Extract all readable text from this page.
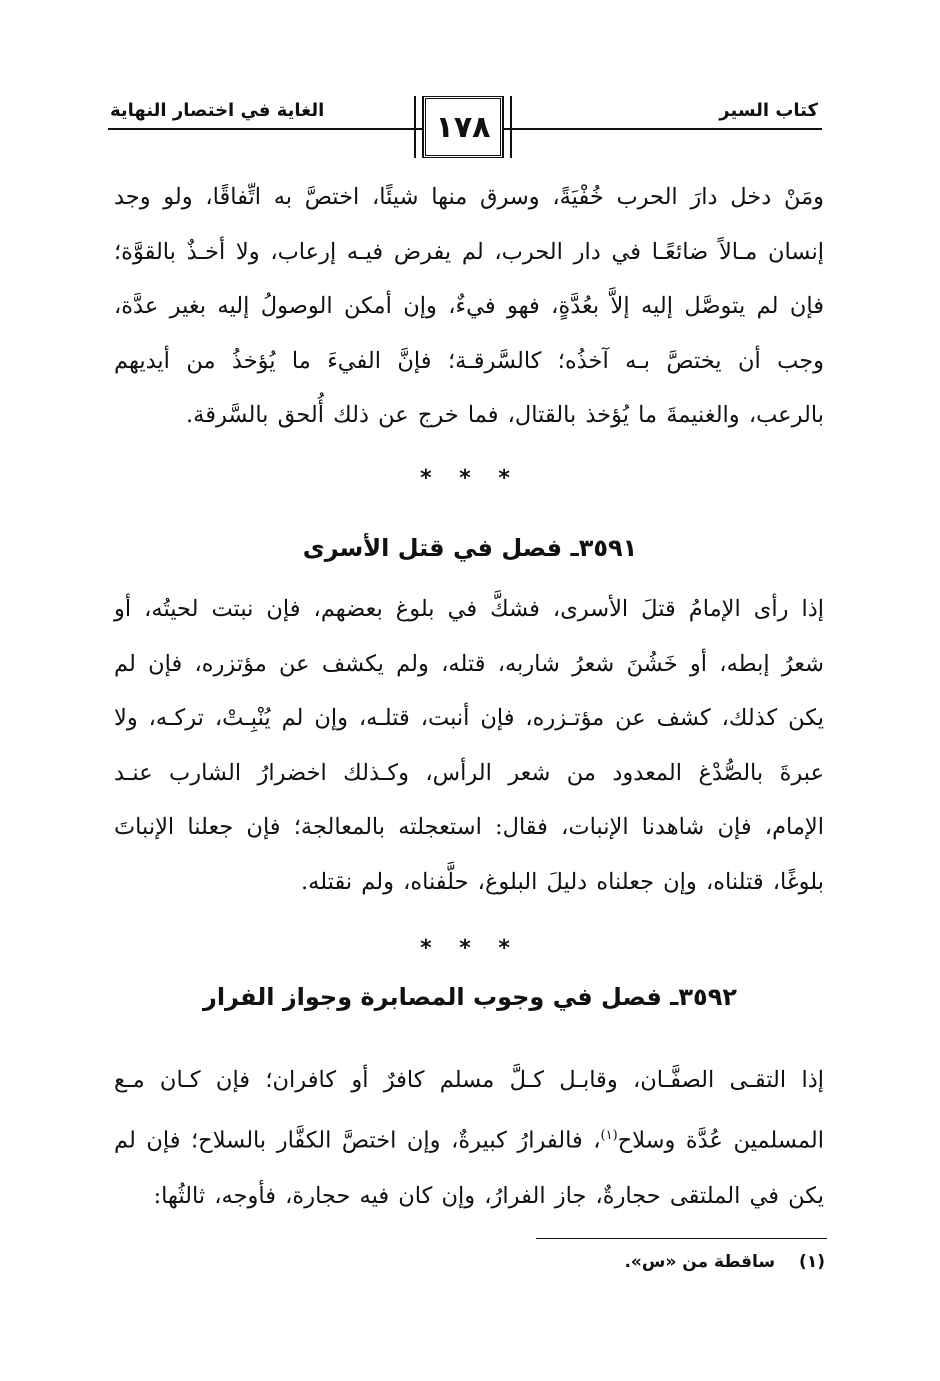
كتاب السير
الغاية في اختصار النهاية	١٧٨
ومَنْ دخل دارَ الحرب خُفْيَةً، وسرق منها شيئًا، اختصَّ به اتِّفاقًا، ولو وجد إنسان مـالاً ضائعًـا في دار الحرب، لم يفرض فيـه إرعاب، ولا أخـذٌ بالقوَّة؛ فإن لم يتوصَّل إليه إلاَّ بعُدَّةٍ، فهو فيءٌ، وإن أمكن الوصولُ إليه بغير عدَّة، وجب أن يختصَّ بـه آخذُه؛ كالسَّرقـة؛ فإنَّ الفيءَ ما يُؤخذُ من أيديهم بالرعب، والغنيمةَ ما يُؤخذ بالقتال، فما خرج عن ذلك أُلحق بالسَّرقة.
* * *
٣٥٩١ـ فصل في قتل الأسرى
إذا رأى الإمامُ قتلَ الأسرى، فشكَّ في بلوغ بعضهم، فإن نبتت لحيتُه، أو شعرُ إبطه، أو خَشُنَ شعرُ شاربه، قتله، ولم يكشف عن مؤتزره، فإن لم يكن كذلك، كشف عن مؤتـزره، فإن أنبت، قتلـه، وإن لم يُنْبِـتْ، تركـه، ولا عبرةَ بالصُّدْغ المعدود من شعر الرأس، وكـذلك اخضرارُ الشارب عنـد الإمام، فإن شاهدنا الإنبات، فقال: استعجلته بالمعالجة؛ فإن جعلنا الإنباتَ بلوغًا، قتلناه، وإن جعلناه دليلَ البلوغ، حلَّفناه، ولم نقتله.
* * *
٣٥٩٢ـ فصل في وجوب المصابرة وجواز الفرار
إذا التقـى الصفَّـان، وقابـل كـلَّ مسلم كافرٌ أو كافران؛ فإن كـان مـع المسلمين عُدَّة وسلاح$^{(١)}$، فالفرارُ كبيرةٌ، وإن اختصَّ الكفَّار بالسلاح؛ فإن لم يكن في الملتقى حجارةٌ، جاز الفرارُ، وإن كان فيه حجارة، فأوجه، ثالثُها:
(١) ساقطة من «س».
